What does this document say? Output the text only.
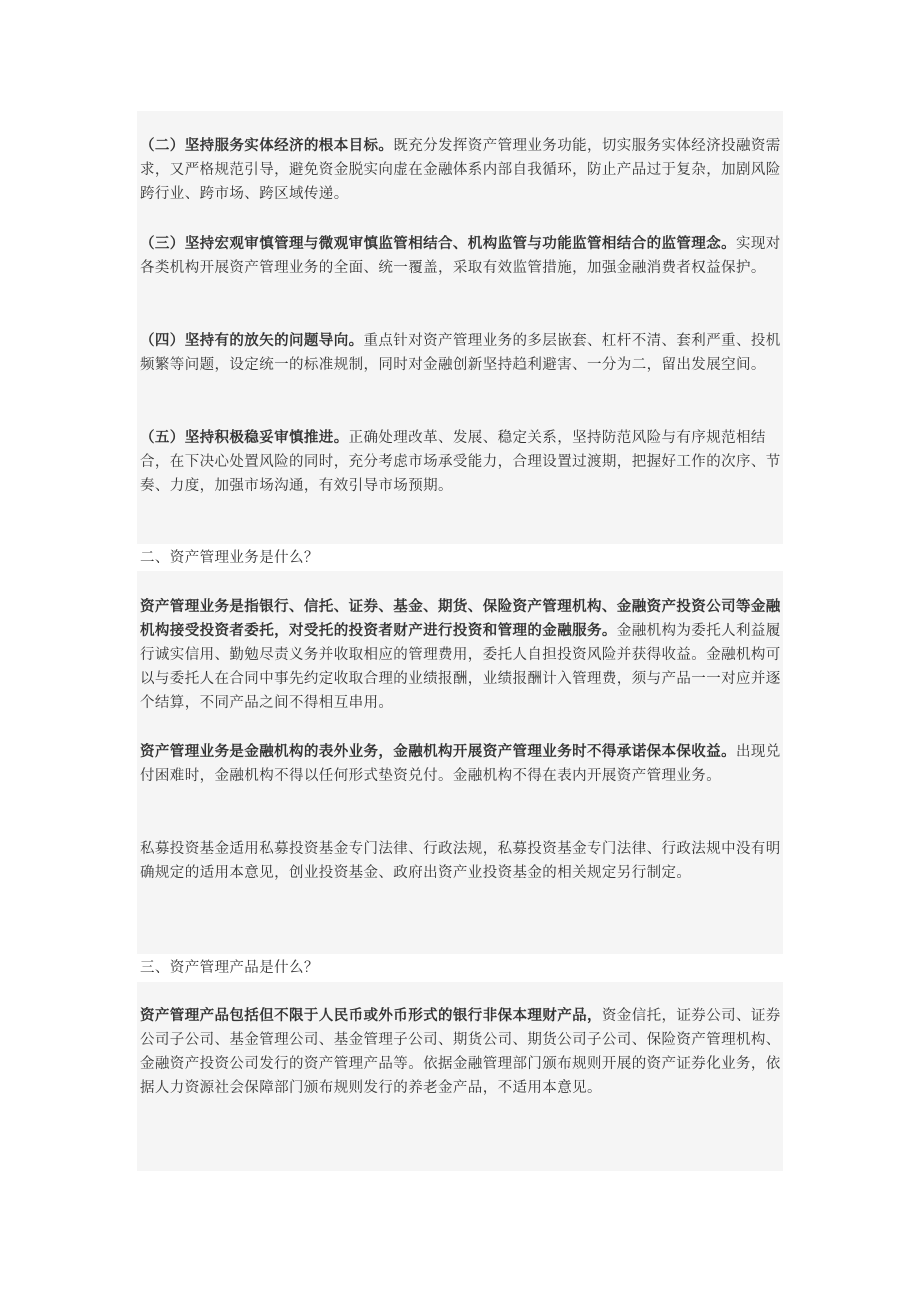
（二）坚持服务实体经济的根本目标。既充分发挥资产管理业务功能，切实服务实体经济投融资需求，又严格规范引导，避免资金脱实向虚在金融体系内部自我循环，防止产品过于复杂，加剧风险跨行业、跨市场、跨区域传递。

（三）坚持宏观审慎管理与微观审慎监管相结合、机构监管与功能监管相结合的监管理念。实现对各类机构开展资产管理业务的全面、统一覆盖，采取有效监管措施，加强金融消费者权益保护。

（四）坚持有的放矢的问题导向。重点针对资产管理业务的多层嵌套、杠杆不清、套利严重、投机频繁等问题，设定统一的标准规制，同时对金融创新坚持趋利避害、一分为二，留出发展空间。

（五）坚持积极稳妥审慎推进。正确处理改革、发展、稳定关系，坚持防范风险与有序规范相结合，在下决心处置风险的同时，充分考虑市场承受能力，合理设置过渡期，把握好工作的次序、节奏、力度，加强市场沟通，有效引导市场预期。

二、资产管理业务是什么？

资产管理业务是指银行、信托、证券、基金、期货、保险资产管理机构、金融资产投资公司等金融机构接受投资者委托，对受托的投资者财产进行投资和管理的金融服务。金融机构为委托人利益履行诚实信用、勤勉尽责义务并收取相应的管理费用，委托人自担投资风险并获得收益。金融机构可以与委托人在合同中事先约定收取合理的业绩报酬，业绩报酬计入管理费，须与产品一一对应并逐个结算，不同产品之间不得相互串用。

资产管理业务是金融机构的表外业务，金融机构开展资产管理业务时不得承诺保本保收益。出现兑付困难时，金融机构不得以任何形式垫资兑付。金融机构不得在表内开展资产管理业务。

私募投资基金适用私募投资基金专门法律、行政法规，私募投资基金专门法律、行政法规中没有明确规定的适用本意见，创业投资基金、政府出资产业投资基金的相关规定另行制定。

三、资产管理产品是什么？

资产管理产品包括但不限于人民币或外币形式的银行非保本理财产品，资金信托，证券公司、证券公司子公司、基金管理公司、基金管理子公司、期货公司、期货公司子公司、保险资产管理机构、金融资产投资公司发行的资产管理产品等。依据金融管理部门颁布规则开展的资产证券化业务，依据人力资源社会保障部门颁布规则发行的养老金产品，不适用本意见。
